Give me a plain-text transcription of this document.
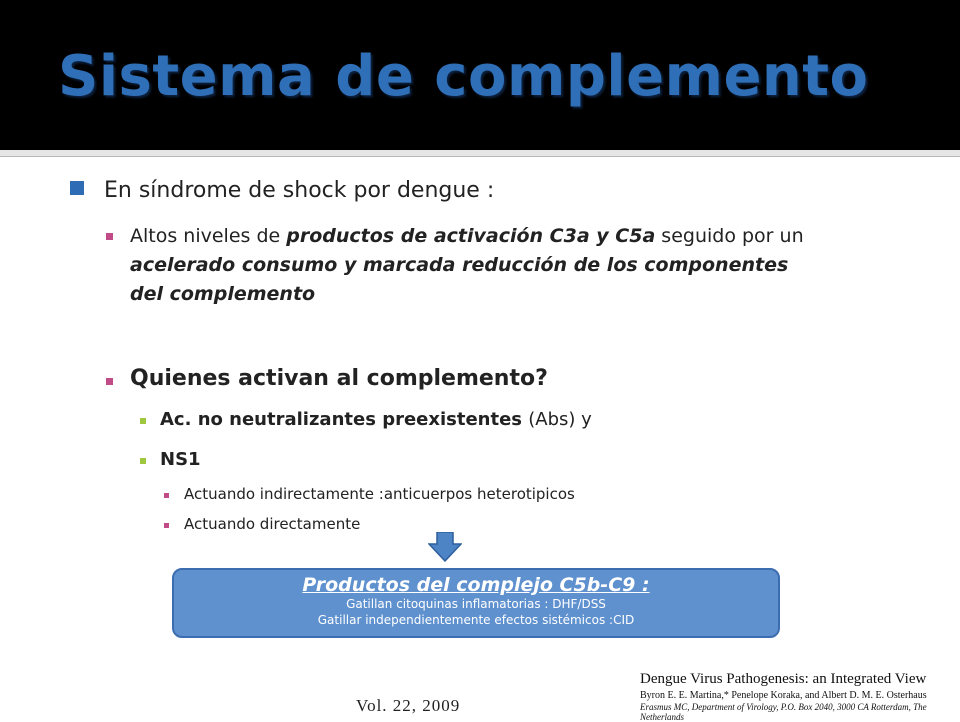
Sistema de complemento
En síndrome de shock por dengue :
Altos niveles de productos de activación C3a y C5a seguido por un acelerado consumo y marcada reducción de los componentes del complemento
Quienes activan al complemento?
Ac. no neutralizantes preexistentes (Abs) y
NS1
Actuando indirectamente :anticuerpos heterotipicos
Actuando directamente
Productos del complejo C5b-C9 :
Gatillan citoquinas inflamatorias : DHF/DSS
Gatillar independientemente efectos sistémicos :CID
Vol. 22, 2009
Dengue Virus Pathogenesis: an Integrated View
Byron E. E. Martina,* Penelope Koraka, and Albert D. M. E. Osterhaus
Erasmus MC, Department of Virology, P.O. Box 2040, 3000 CA Rotterdam, The Netherlands
